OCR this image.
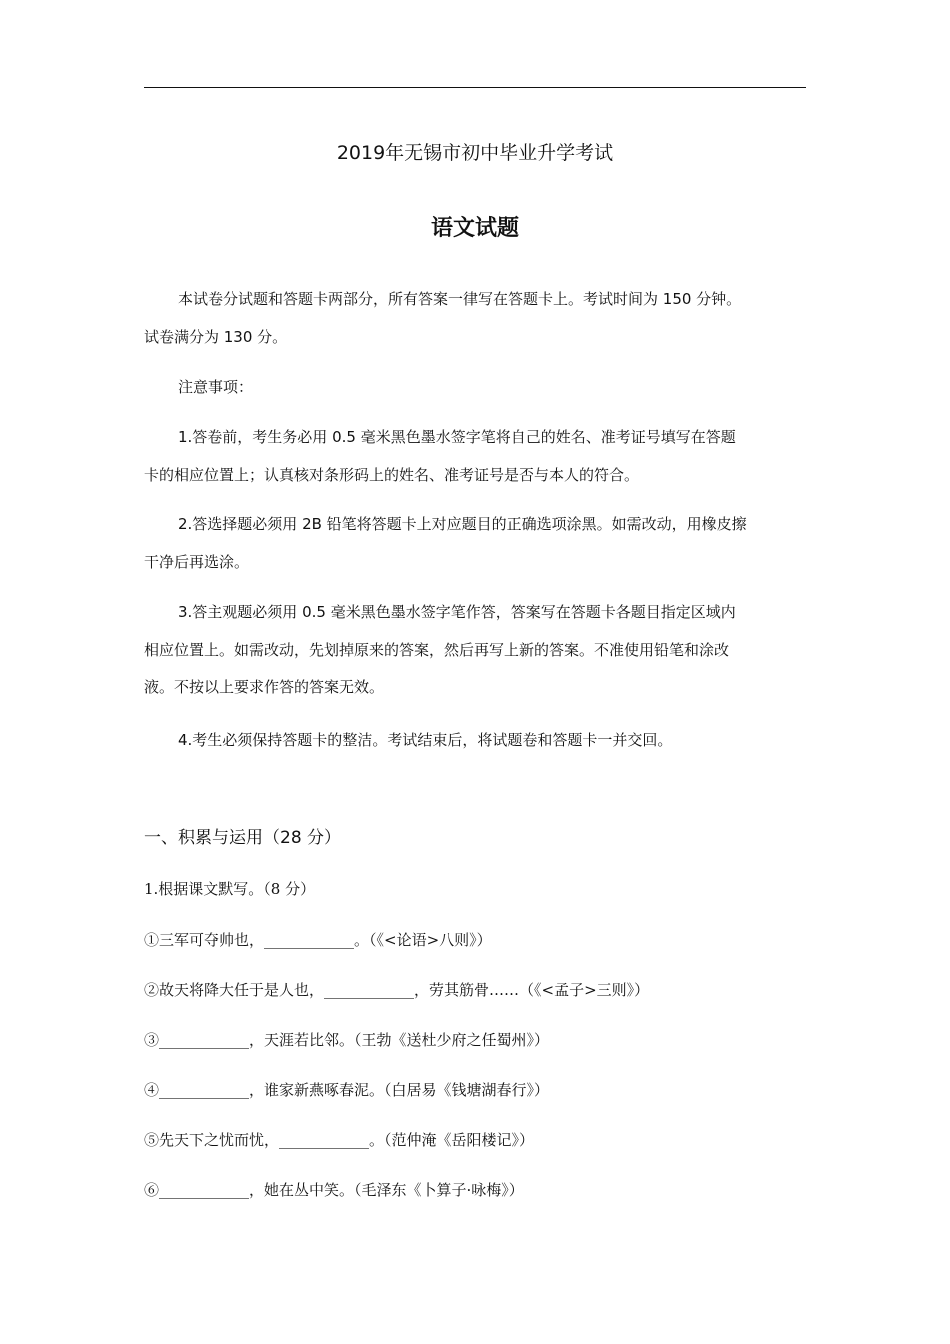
2019年无锡市初中毕业升学考试
语文试题
本试卷分试题和答题卡两部分，所有答案一律写在答题卡上。考试时间为 150 分钟。
试卷满分为 130 分。
注意事项：
1.答卷前，考生务必用 0.5 毫米黑色墨水签字笔将自己的姓名、准考证号填写在答题
卡的相应位置上；认真核对条形码上的姓名、准考证号是否与本人的符合。
2.答选择题必须用 2B 铅笔将答题卡上对应题目的正确选项涂黑。如需改动，用橡皮擦
干净后再选涂。
3.答主观题必须用 0.5 毫米黑色墨水签字笔作答，答案写在答题卡各题目指定区域内
相应位置上。如需改动，先划掉原来的答案，然后再写上新的答案。不准使用铅笔和涂改
液。不按以上要求作答的答案无效。
4.考生必须保持答题卡的整洁。考试结束后，将试题卷和答题卡一并交回。
一、积累与运用（28 分）
1.根据课文默写。（8 分）
①三军可夺帅也，____________。（《<论语>八则》）
②故天将降大任于是人也，____________，劳其筋骨……（《<孟子>三则》）
③____________，天涯若比邻。（王勃《送杜少府之任蜀州》）
④____________，谁家新燕啄春泥。（白居易《钱塘湖春行》）
⑤先天下之忧而忧，____________。（范仲淹《岳阳楼记》）
⑥____________，她在丛中笑。（毛泽东《卜算子·咏梅》）
